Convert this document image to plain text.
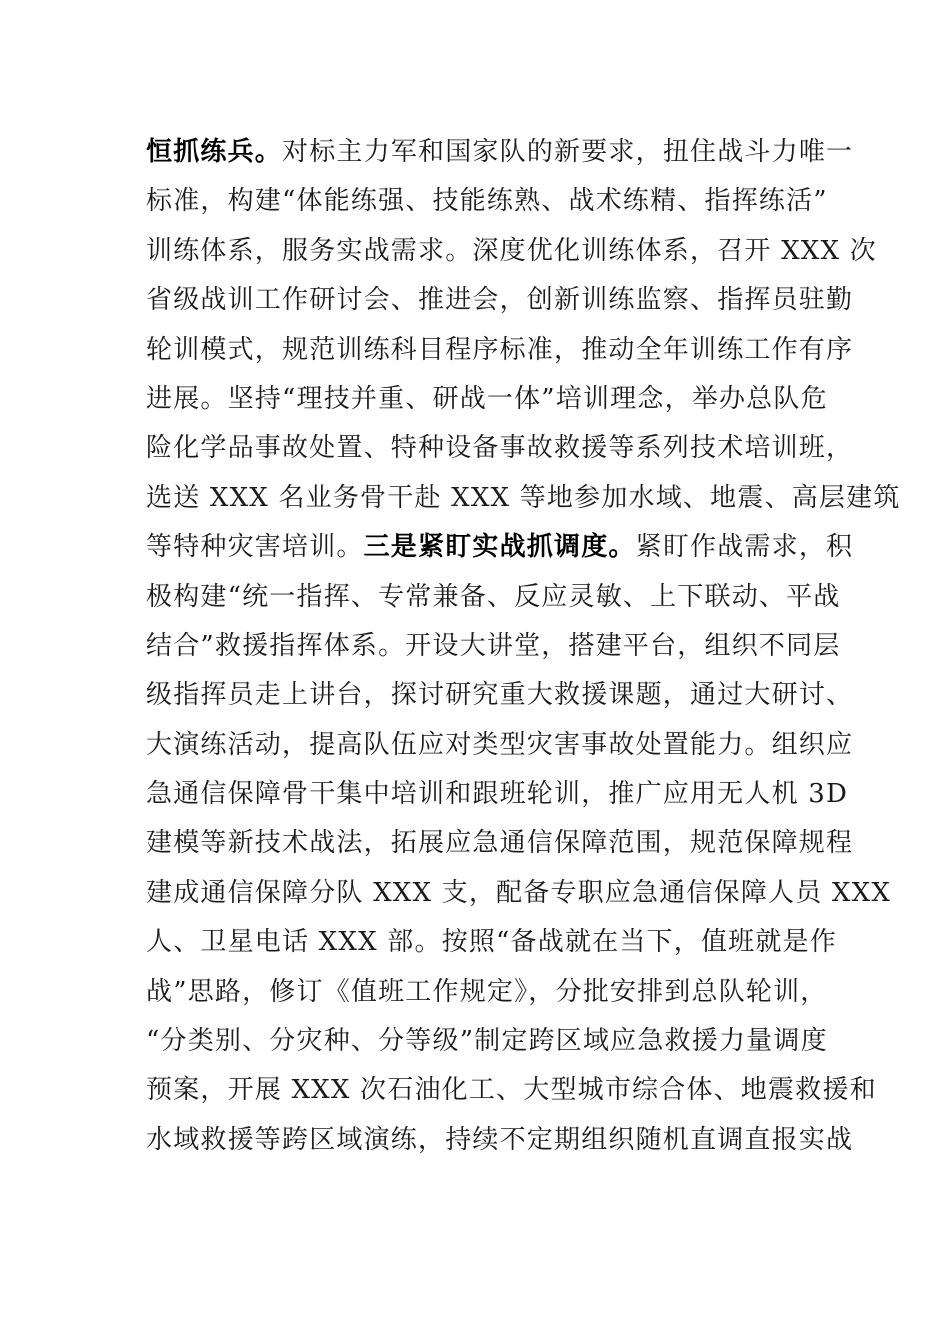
恒抓练兵。对标主力军和国家队的新要求，扭住战斗力唯一
标准，构建“体能练强、技能练熟、战术练精、指挥练活”
训练体系，服务实战需求。深度优化训练体系，召开 XXX 次
省级战训工作研讨会、推进会，创新训练监察、指挥员驻勤
轮训模式，规范训练科目程序标准，推动全年训练工作有序
进展。坚持“理技并重、研战一体”培训理念，举办总队危
险化学品事故处置、特种设备事故救援等系列技术培训班，
选送 XXX 名业务骨干赴 XXX 等地参加水域、地震、高层建筑
等特种灾害培训。三是紧盯实战抓调度。紧盯作战需求，积
极构建“统一指挥、专常兼备、反应灵敏、上下联动、平战
结合”救援指挥体系。开设大讲堂，搭建平台，组织不同层
级指挥员走上讲台，探讨研究重大救援课题，通过大研讨、
大演练活动，提高队伍应对类型灾害事故处置能力。组织应
急通信保障骨干集中培训和跟班轮训，推广应用无人机 3D
建模等新技术战法，拓展应急通信保障范围，规范保障规程
建成通信保障分队 XXX 支，配备专职应急通信保障人员 XXX
人、卫星电话 XXX 部。按照“备战就在当下，值班就是作
战”思路，修订《值班工作规定》，分批安排到总队轮训，
“分类别、分灾种、分等级”制定跨区域应急救援力量调度
预案，开展 XXX 次石油化工、大型城市综合体、地震救援和
水域救援等跨区域演练，持续不定期组织随机直调直报实战
